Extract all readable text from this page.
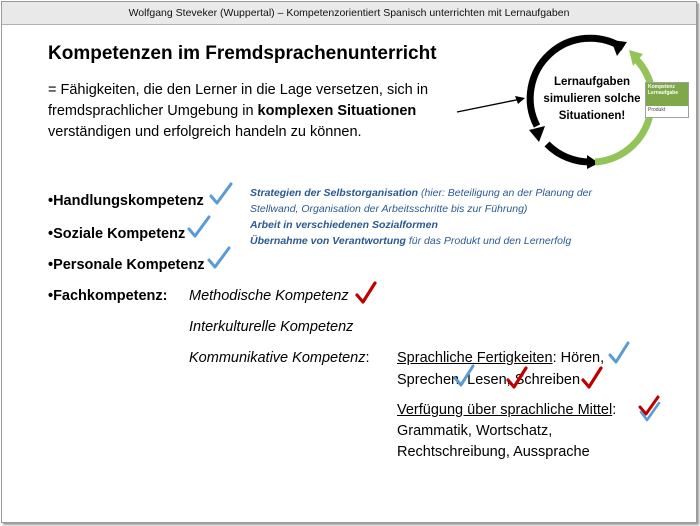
Wolfgang Steveker (Wuppertal) – Kompetenzorientiert Spanisch unterrichten mit Lernaufgaben
Kompetenzen im Fremdsprachenunterricht
= Fähigkeiten, die den Lerner in die Lage versetzen, sich in
fremdsprachlicher Umgebung in komplexen Situationen
verständigen und erfolgreich handeln zu können.
Lernaufgaben
simulieren solche
Situationen!
Kompetenz Lernaufgabe
Produkt
•Handlungskompetenz
•Soziale Kompetenz
•Personale Kompetenz
•Fachkompetenz:
Strategien der Selbstorganisation (hier: Beteiligung an der Planung der
Stellwand, Organisation der Arbeitsschritte bis zur Führung)
Arbeit in verschiedenen Sozialformen
Übernahme von Verantwortung für das Produkt und den Lernerfolg
Methodische Kompetenz
Interkulturelle Kompetenz
Kommunikative Kompetenz: Sprachliche Fertigkeiten: Hören,
Sprechen, Lesen, Schreiben
Verfügung über sprachliche Mittel:
Grammatik, Wortschatz,
Rechtschreibung, Aussprache
